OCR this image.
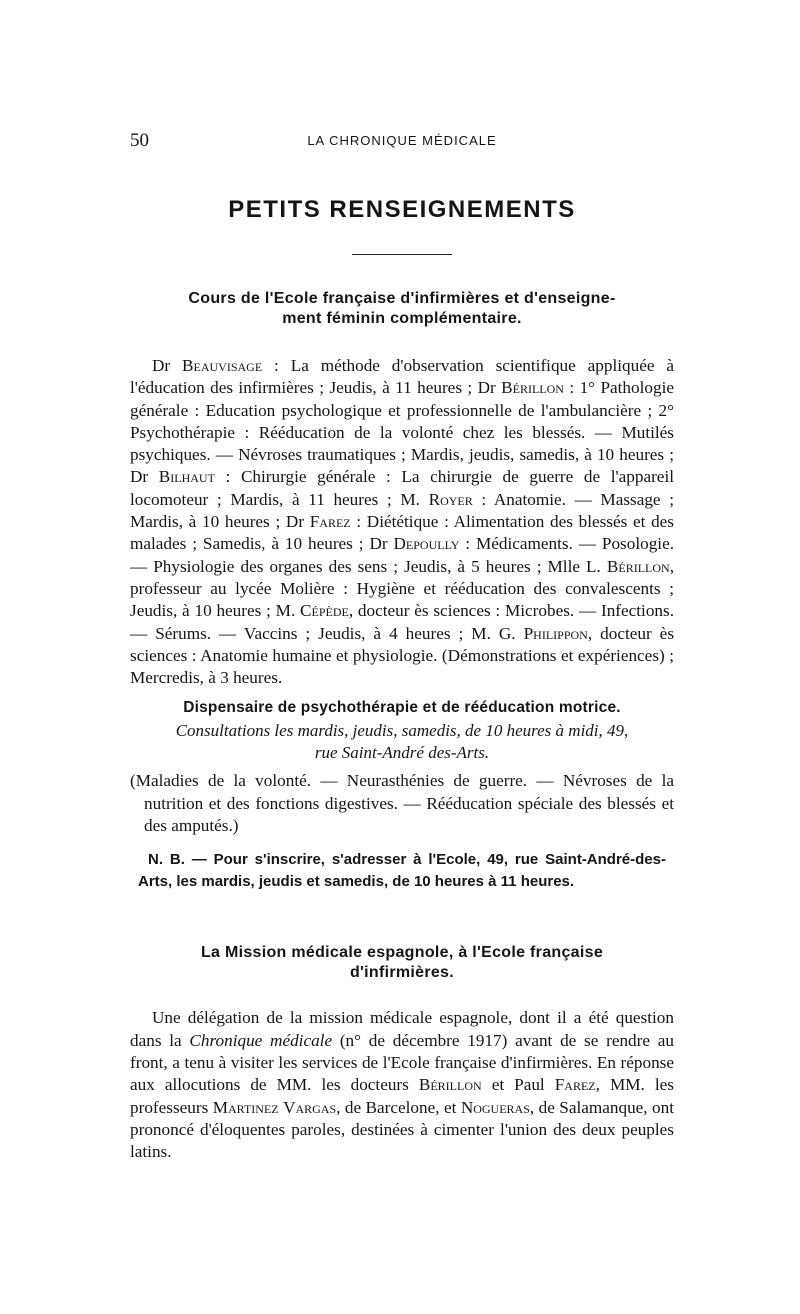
50	LA CHRONIQUE MÉDICALE
PETITS RENSEIGNEMENTS
Cours de l'Ecole française d'infirmières et d'enseigne-
ment féminin complémentaire.

Dr Beauvisage : La méthode d'observation scientifique appliquée à l'éducation des infirmières ; Jeudis, à 11 heures ; Dr Bérillon : 1° Pathologie générale : Education psychologique et professionnelle de l'ambulancière ; 2° Psychothérapie : Rééducation de la volonté chez les blessés. — Mutilés psychiques. — Névroses traumatiques ; Mardis, jeudis, samedis, à 10 heures ; Dr Bilhaut : Chirurgie générale : La chirurgie de guerre de l'appareil locomoteur ; Mardis, à 11 heures ; M. Royer : Anatomie. — Massage ; Mardis, à 10 heures ; Dr Farez : Diététique : Alimentation des blessés et des malades ; Samedis, à 10 heures ; Dr Depoully : Médicaments. — Posologie. — Physiologie des organes des sens ; Jeudis, à 5 heures ; Mlle L. Bérillon, professeur au lycée Molière : Hygiène et rééducation des convalescents ; Jeudis, à 10 heures ; M. Cépède, docteur ès sciences : Microbes. — Infections. — Sérums. — Vaccins ; Jeudis, à 4 heures ; M. G. Philippon, docteur ès sciences : Anatomie humaine et physiologie. (Démonstrations et expériences) ; Mercredis, à 3 heures.

Dispensaire de psychothérapie et de rééducation motrice.

Consultations les mardis, jeudis, samedis, de 10 heures à midi, 49,
rue Saint-André des-Arts.

(Maladies de la volonté. — Neurasthénies de guerre. — Névroses de la nutrition et des fonctions digestives. — Rééducation spéciale des blessés et des amputés.)

N. B. — Pour s'inscrire, s'adresser à l'Ecole, 49, rue Saint-André-des-Arts, les mardis, jeudis et samedis, de 10 heures à 11 heures.

La Mission médicale espagnole, à l'Ecole française
d'infirmières.

Une délégation de la mission médicale espagnole, dont il a été question dans la Chronique médicale (n° de décembre 1917) avant de se rendre au front, a tenu à visiter les services de l'Ecole française d'infirmières. En réponse aux allocutions de MM. les docteurs Bérillon et Paul Farez, MM. les professeurs Martinez Vargas, de Barcelone, et Nogueras, de Salamanque, ont prononcé d'éloquentes paroles, destinées à cimenter l'union des deux peuples latins.
